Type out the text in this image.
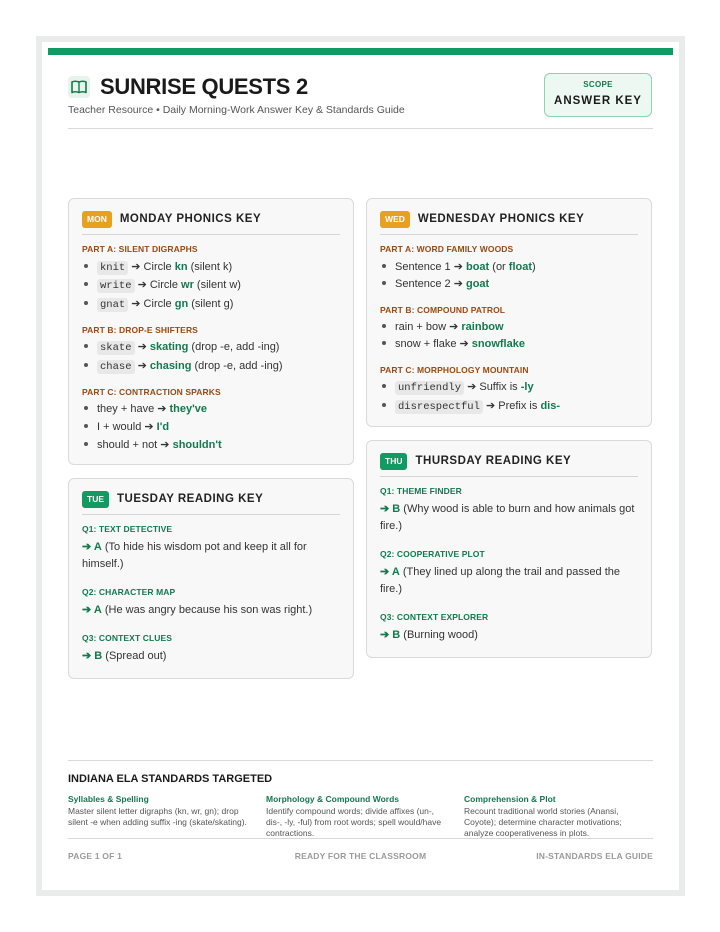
SUNRISE QUESTS 2
Teacher Resource • Daily Morning-Work Answer Key & Standards Guide
SCOPE
ANSWER KEY
MON	MONDAY PHONICS KEY
PART A: SILENT DIGRAPHS
knit ➔ Circle kn (silent k)
write ➔ Circle wr (silent w)
gnat ➔ Circle gn (silent g)
PART B: DROP-E SHIFTERS
skate ➔ skating (drop -e, add -ing)
chase ➔ chasing (drop -e, add -ing)
PART C: CONTRACTION SPARKS
they + have ➔ they've
I + would ➔ I'd
should + not ➔ shouldn't
TUE	TUESDAY READING KEY
Q1: TEXT DETECTIVE
➔ A (To hide his wisdom pot and keep it all for himself.)
Q2: CHARACTER MAP
➔ A (He was angry because his son was right.)
Q3: CONTEXT CLUES
➔ B (Spread out)
WED	WEDNESDAY PHONICS KEY
PART A: WORD FAMILY WOODS
Sentence 1 ➔ boat (or float)
Sentence 2 ➔ goat
PART B: COMPOUND PATROL
rain + bow ➔ rainbow
snow + flake ➔ snowflake
PART C: MORPHOLOGY MOUNTAIN
unfriendly ➔ Suffix is -ly
disrespectful ➔ Prefix is dis-
THU	THURSDAY READING KEY
Q1: THEME FINDER
➔ B (Why wood is able to burn and how animals got fire.)
Q2: COOPERATIVE PLOT
➔ A (They lined up along the trail and passed the fire.)
Q3: CONTEXT EXPLORER
➔ B (Burning wood)
INDIANA ELA STANDARDS TARGETED
Syllables & Spelling
Master silent letter digraphs (kn, wr, gn); drop silent -e when adding suffix -ing (skate/skating).
Morphology & Compound Words
Identify compound words; divide affixes (un-, dis-, -ly, -ful) from root words; spell would/have contractions.
Comprehension & Plot
Recount traditional world stories (Anansi, Coyote); determine character motivations; analyze cooperativeness in plots.
PAGE 1 OF 1	READY FOR THE CLASSROOM	IN-STANDARDS ELA GUIDE
